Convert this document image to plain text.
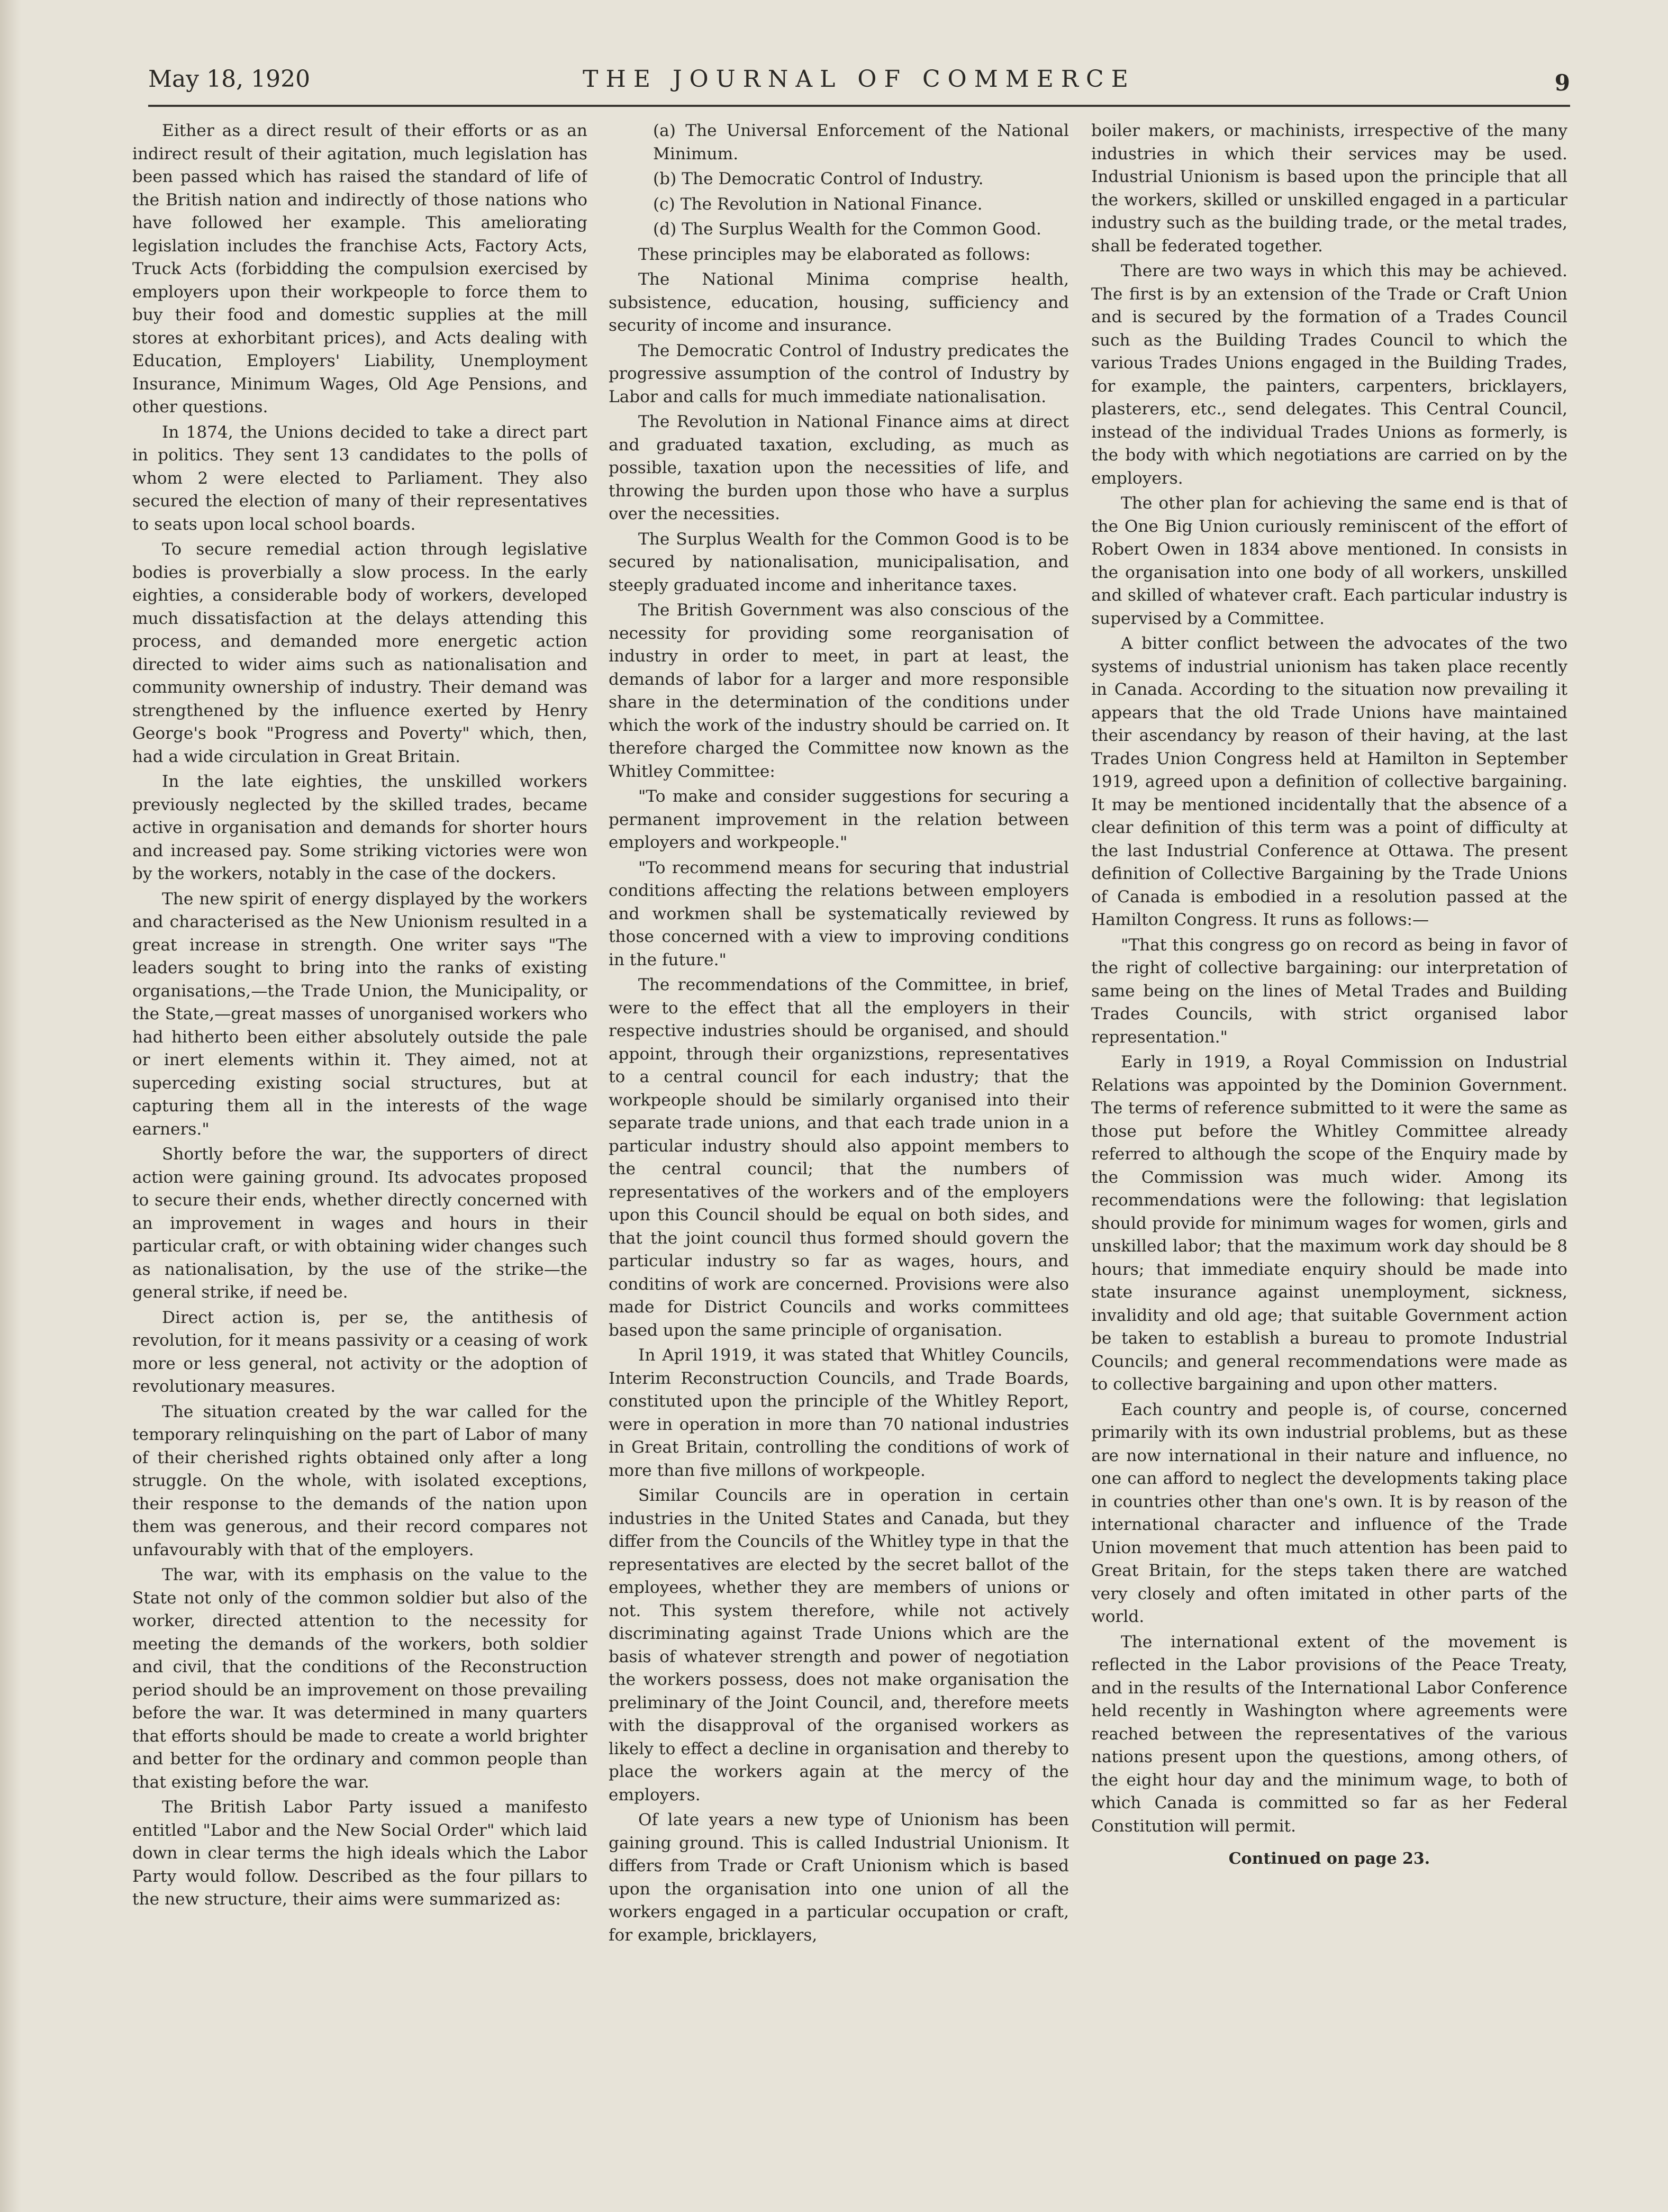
May 18, 1920	THE JOURNAL OF COMMERCE	9

Either as a direct result of their efforts or as an indirect result of their agitation, much legislation has been passed which has raised the standard of life of the British nation and indirectly of those nations who have followed her example. This ameliorating legislation includes the franchise Acts, Factory Acts, Truck Acts (forbidding the compulsion exercised by employers upon their workpeople to force them to buy their food and domestic supplies at the mill stores at exhorbitant prices), and Acts dealing with Education, Employers' Liability, Unemployment Insurance, Minimum Wages, Old Age Pensions, and other questions.

In 1874, the Unions decided to take a direct part in politics. They sent 13 candidates to the polls of whom 2 were elected to Parliament. They also secured the election of many of their representatives to seats upon local school boards.

To secure remedial action through legislative bodies is proverbially a slow process. In the early eighties, a considerable body of workers, developed much dissatisfaction at the delays attending this process, and demanded more energetic action directed to wider aims such as nationalisation and community ownership of industry. Their demand was strengthened by the influence exerted by Henry George's book "Progress and Poverty" which, then, had a wide circulation in Great Britain.

In the late eighties, the unskilled workers previously neglected by the skilled trades, became active in organisation and demands for shorter hours and increased pay. Some striking victories were won by the workers, notably in the case of the dockers.

The new spirit of energy displayed by the workers and characterised as the New Unionism resulted in a great increase in strength. One writer says "The leaders sought to bring into the ranks of existing organisations,—the Trade Union, the Municipality, or the State,—great masses of unorganised workers who had hitherto been either absolutely outside the pale or inert elements within it. They aimed, not at superceding existing social structures, but at capturing them all in the interests of the wage earners."

Shortly before the war, the supporters of direct action were gaining ground. Its advocates proposed to secure their ends, whether directly concerned with an improvement in wages and hours in their particular craft, or with obtaining wider changes such as nationalisation, by the use of the strike—the general strike, if need be.

Direct action is, per se, the antithesis of revolution, for it means passivity or a ceasing of work more or less general, not activity or the adoption of revolutionary measures.

The situation created by the war called for the temporary relinquishing on the part of Labor of many of their cherished rights obtained only after a long struggle. On the whole, with isolated exceptions, their response to the demands of the nation upon them was generous, and their record compares not unfavourably with that of the employers.

The war, with its emphasis on the value to the State not only of the common soldier but also of the worker, directed attention to the necessity for meeting the demands of the workers, both soldier and civil, that the conditions of the Reconstruction period should be an improvement on those prevailing before the war. It was determined in many quarters that efforts should be made to create a world brighter and better for the ordinary and common people than that existing before the war.

The British Labor Party issued a manifesto entitled "Labor and the New Social Order" which laid down in clear terms the high ideals which the Labor Party would follow. Described as the four pillars to the new structure, their aims were summarized as:

(a) The Universal Enforcement of the National Minimum.

(b) The Democratic Control of Industry.

(c) The Revolution in National Finance.

(d) The Surplus Wealth for the Common Good.

These principles may be elaborated as follows:

The National Minima comprise health, subsistence, education, housing, sufficiency and security of income and insurance.

The Democratic Control of Industry predicates the progressive assumption of the control of Industry by Labor and calls for much immediate nationalisation.

The Revolution in National Finance aims at direct and graduated taxation, excluding, as much as possible, taxation upon the necessities of life, and throwing the burden upon those who have a surplus over the necessities.

The Surplus Wealth for the Common Good is to be secured by nationalisation, municipalisation, and steeply graduated income and inheritance taxes.

The British Government was also conscious of the necessity for providing some reorganisation of industry in order to meet, in part at least, the demands of labor for a larger and more responsible share in the determination of the conditions under which the work of the industry should be carried on. It therefore charged the Committee now known as the Whitley Committee:

"To make and consider suggestions for securing a permanent improvement in the relation between employers and workpeople."

"To recommend means for securing that industrial conditions affecting the relations between employers and workmen shall be systematically reviewed by those concerned with a view to improving conditions in the future."

The recommendations of the Committee, in brief, were to the effect that all the employers in their respective industries should be organised, and should appoint, through their organizstions, representatives to a central council for each industry; that the workpeople should be similarly organised into their separate trade unions, and that each trade union in a particular industry should also appoint members to the central council; that the numbers of representatives of the workers and of the employers upon this Council should be equal on both sides, and that the joint council thus formed should govern the particular industry so far as wages, hours, and conditins of work are concerned. Provisions were also made for District Councils and works committees based upon the same principle of organisation.

In April 1919, it was stated that Whitley Councils, Interim Reconstruction Councils, and Trade Boards, constituted upon the principle of the Whitley Report, were in operation in more than 70 national industries in Great Britain, controlling the conditions of work of more than five millons of workpeople.

Similar Councils are in operation in certain industries in the United States and Canada, but they differ from the Councils of the Whitley type in that the representatives are elected by the secret ballot of the employees, whether they are members of unions or not. This system therefore, while not actively discriminating against Trade Unions which are the basis of whatever strength and power of negotiation the workers possess, does not make organisation the preliminary of the Joint Council, and, therefore meets with the disapproval of the organised workers as likely to effect a decline in organisation and thereby to place the workers again at the mercy of the employers.

Of late years a new type of Unionism has been gaining ground. This is called Industrial Unionism. It differs from Trade or Craft Unionism which is based upon the organisation into one union of all the workers engaged in a particular occupation or craft, for example, bricklayers,

boiler makers, or machinists, irrespective of the many industries in which their services may be used. Industrial Unionism is based upon the principle that all the workers, skilled or unskilled engaged in a particular industry such as the building trade, or the metal trades, shall be federated together.

There are two ways in which this may be achieved. The first is by an extension of the Trade or Craft Union and is secured by the formation of a Trades Council such as the Building Trades Council to which the various Trades Unions engaged in the Building Trades, for example, the painters, carpenters, bricklayers, plasterers, etc., send delegates. This Central Council, instead of the individual Trades Unions as formerly, is the body with which negotiations are carried on by the employers.

The other plan for achieving the same end is that of the One Big Union curiously reminiscent of the effort of Robert Owen in 1834 above mentioned. In consists in the organisation into one body of all workers, unskilled and skilled of whatever craft. Each particular industry is supervised by a Committee.

A bitter conflict between the advocates of the two systems of industrial unionism has taken place recently in Canada. According to the situation now prevailing it appears that the old Trade Unions have maintained their ascendancy by reason of their having, at the last Trades Union Congress held at Hamilton in September 1919, agreed upon a definition of collective bargaining. It may be mentioned incidentally that the absence of a clear definition of this term was a point of difficulty at the last Industrial Conference at Ottawa. The present definition of Collective Bargaining by the Trade Unions of Canada is embodied in a resolution passed at the Hamilton Congress. It runs as follows:—

"That this congress go on record as being in favor of the right of collective bargaining: our interpretation of same being on the lines of Metal Trades and Building Trades Councils, with strict organised labor representation."

Early in 1919, a Royal Commission on Industrial Relations was appointed by the Dominion Government. The terms of reference submitted to it were the same as those put before the Whitley Committee already referred to although the scope of the Enquiry made by the Commission was much wider. Among its recommendations were the following: that legislation should provide for minimum wages for women, girls and unskilled labor; that the maximum work day should be 8 hours; that immediate enquiry should be made into state insurance against unemployment, sickness, invalidity and old age; that suitable Government action be taken to establish a bureau to promote Industrial Councils; and general recommendations were made as to collective bargaining and upon other matters.

Each country and people is, of course, concerned primarily with its own industrial problems, but as these are now international in their nature and influence, no one can afford to neglect the developments taking place in countries other than one's own. It is by reason of the international character and influence of the Trade Union movement that much attention has been paid to Great Britain, for the steps taken there are watched very closely and often imitated in other parts of the world.

The international extent of the movement is reflected in the Labor provisions of the Peace Treaty, and in the results of the International Labor Conference held recently in Washington where agreements were reached between the representatives of the various nations present upon the questions, among others, of the eight hour day and the minimum wage, to both of which Canada is committed so far as her Federal Constitution will permit.

Continued on page 23.
